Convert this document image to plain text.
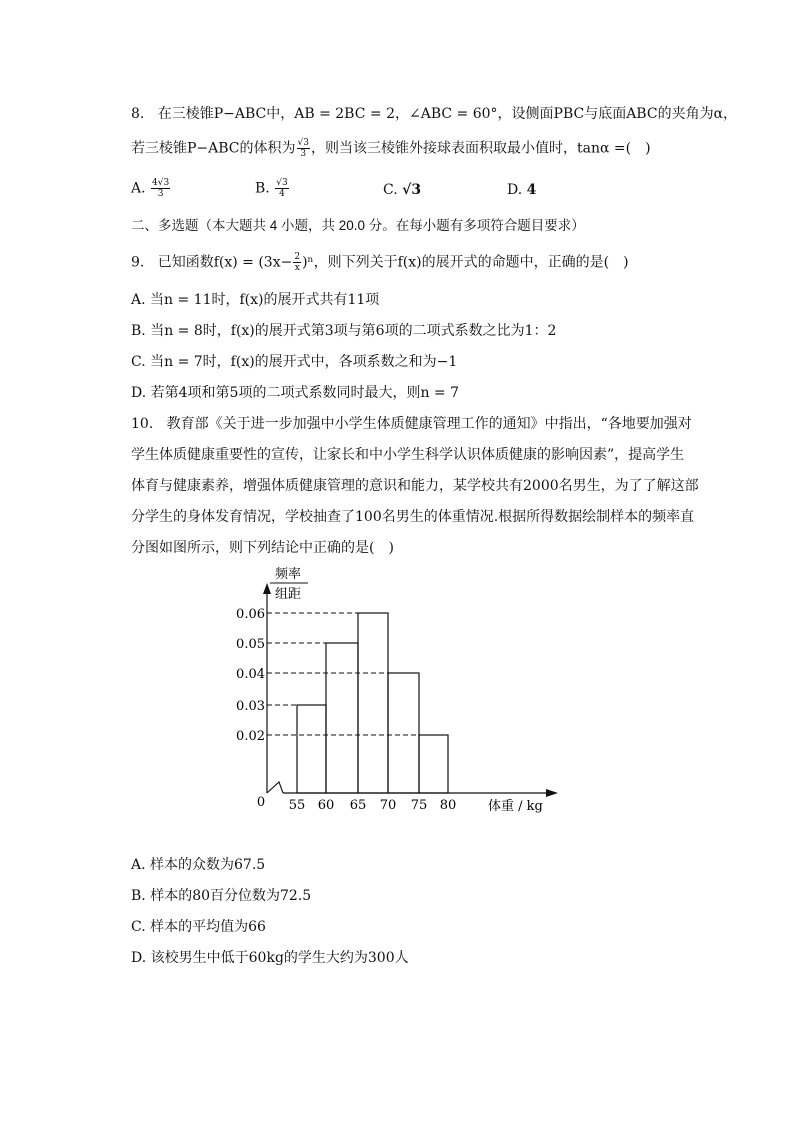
8. 在三棱锥P−ABC中，AB = 2BC = 2，∠ABC = 60°，设侧面PBC与底面ABC的夹角为α，
若三棱锥P−ABC的体积为 $\frac{√3}{3}$ ，则当该三棱锥外接球表面积取最小值时，tanα =(　)
A. $\frac{4√3}{3}$	B. $\frac{√3}{4}$	C. √3	D. 4
二、多选题（本大题共 4 小题，共 20.0 分。在每小题有多项符合题目要求）
9. 已知函数$f(x) = (3x- \frac{2}{x} )^n$，则下列关于f(x)的展开式的命题中，正确的是(　)
A. 当n = 11时，f(x)的展开式共有11项
B. 当n = 8时，f(x)的展开式第3项与第6项的二项式系数之比为1：2
C. 当n = 7时，f(x)的展开式中，各项系数之和为−1
D. 若第4项和第5项的二项式系数同时最大，则n = 7
10. 教育部《关于进一步加强中小学生体质健康管理工作的通知》中指出，“各地要加强对
学生体质健康重要性的宣传，让家长和中小学生科学认识体质健康的影响因素”，提高学生
体育与健康素养，增强体质健康管理的意识和能力，某学校共有2000名男生，为了了解这部
分学生的身体发育情况，学校抽查了100名男生的体重情况.根据所得数据绘制样本的频率直
分图如图所示，则下列结论中正确的是(　)
频率
组距
0.06
0.05
0.04
0.03
0.02
0 55 60 65 70 75 80 体重 / kg
A. 样本的众数为67.5
B. 样本的80百分位数为72.5
C. 样本的平均值为66
D. 该校男生中低于60kg的学生大约为300人
